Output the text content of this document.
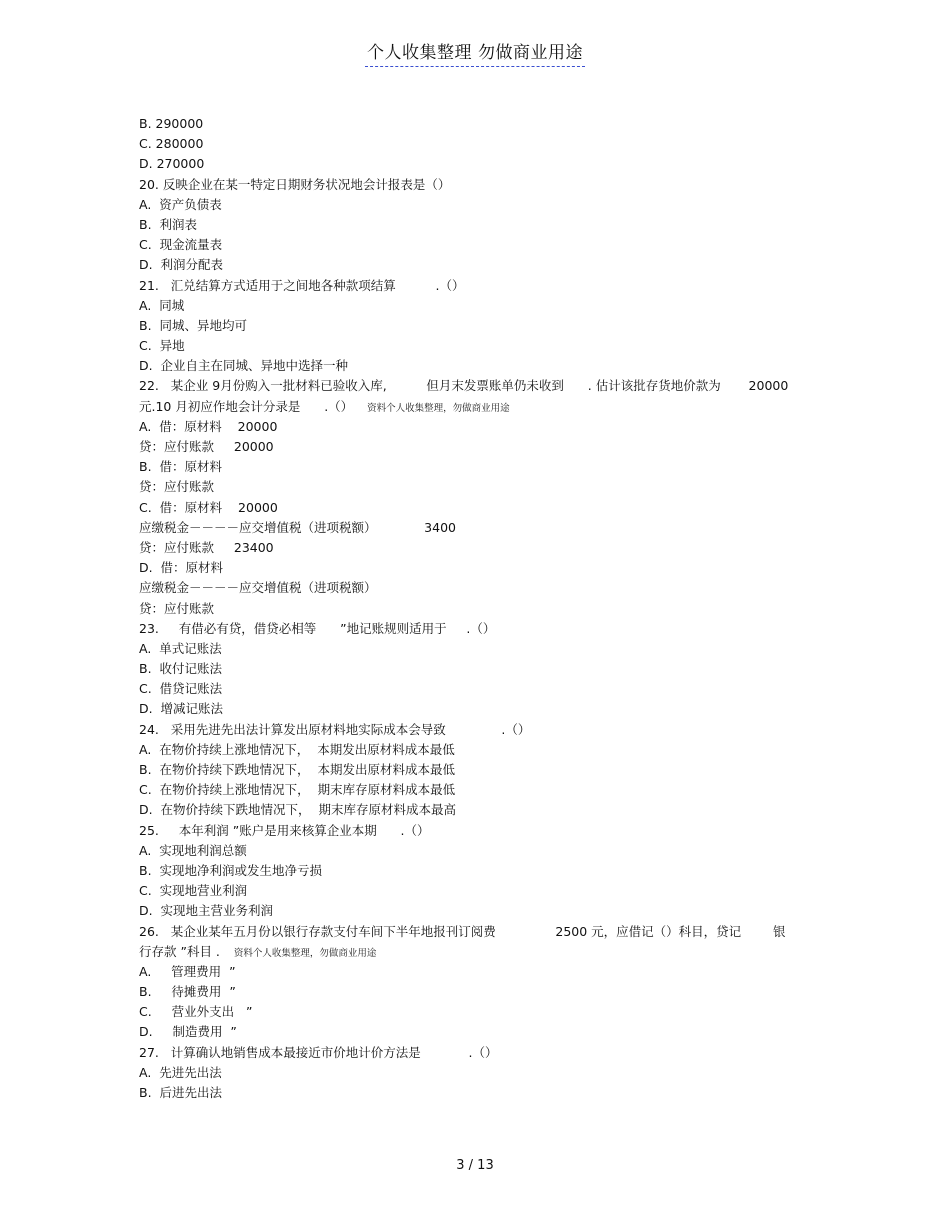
个人收集整理 勿做商业用途
B. 290000
C. 280000
D. 270000
20. 反映企业在某一特定日期财务状况地会计报表是（）
A.  资产负债表
B.  利润表
C.  现金流量表
D.  利润分配表
21.   汇兑结算方式适用于之间地各种款项结算          .（）
A.  同城
B.  同城、异地均可
C.  异地
D.  企业自主在同城、异地中选择一种
22.   某企业 9月份购入一批材料已验收入库,          但月末发票账单仍未收到      . 估计该批存货地价款为       20000
元.10 月初应作地会计分录是      .（） 资料个人收集整理，勿做商业用途
A.  借：原材料    20000
贷：应付账款     20000
B.  借：原材料
贷：应付账款
C.  借：原材料    20000
应缴税金－－－－应交增值税（进项税额）            3400
贷：应付账款     23400
D.  借：原材料
应缴税金－－－－应交增值税（进项税额）
贷：应付账款
23.     有借必有贷，借贷必相等      ”地记账规则适用于     .（）
A.  单式记账法
B.  收付记账法
C.  借贷记账法
D.  增减记账法
24.   采用先进先出法计算发出原材料地实际成本会导致              .（）
A.  在物价持续上涨地情况下，  本期发出原材料成本最低
B.  在物价持续下跌地情况下，  本期发出原材料成本最低
C.  在物价持续上涨地情况下，  期末库存原材料成本最低
D.  在物价持续下跌地情况下，  期末库存原材料成本最高
25.     本年利润 ”账户是用来核算企业本期      .（）
A.  实现地利润总额
B.  实现地净利润或发生地净亏损
C.  实现地营业利润
D.  实现地主营业务利润
26.   某企业某年五月份以银行存款支付车间下半年地报刊订阅费               2500 元，应借记（）科目，贷记        银
行存款 ”科目 . 资料个人收集整理，勿做商业用途
A.     管理费用  ”
B.     待摊费用  ”
C.     营业外支出   ”
D.     制造费用  ”
27.   计算确认地销售成本最接近市价地计价方法是            .（）
A.  先进先出法
B.  后进先出法
3 / 13
